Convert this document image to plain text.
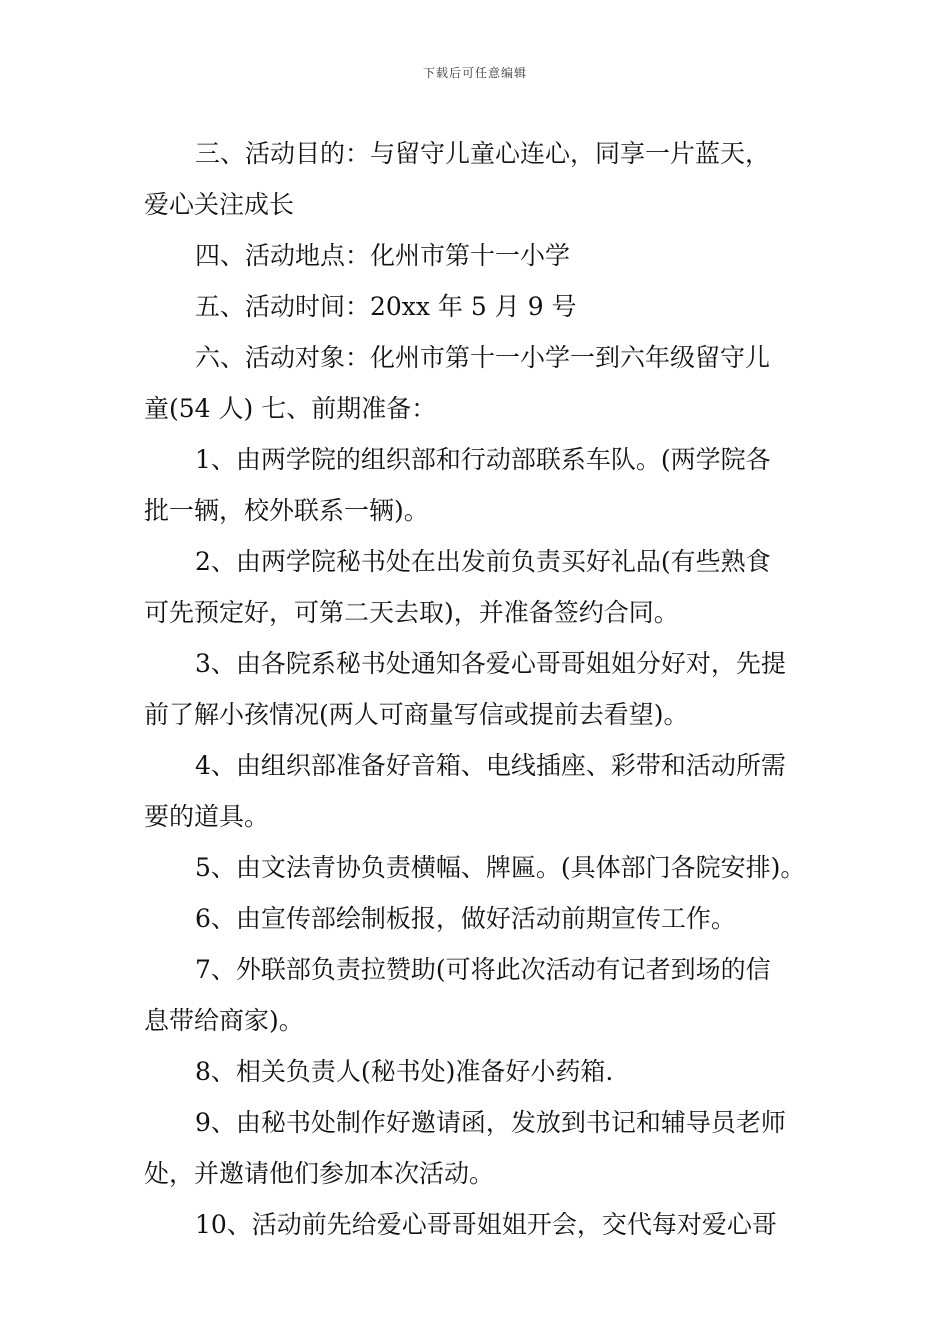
下载后可任意编辑
三、活动目的：与留守儿童心连心，同享一片蓝天，
爱心关注成长
四、活动地点：化州市第十一小学
五、活动时间：20xx 年 5 月 9 号
六、活动对象：化州市第十一小学一到六年级留守儿
童(54 人) 七、前期准备：
1、由两学院的组织部和行动部联系车队。(两学院各
批一辆，校外联系一辆)。
2、由两学院秘书处在出发前负责买好礼品(有些熟食
可先预定好，可第二天去取)，并准备签约合同。
3、由各院系秘书处通知各爱心哥哥姐姐分好对，先提
前了解小孩情况(两人可商量写信或提前去看望)。
4、由组织部准备好音箱、电线插座、彩带和活动所需
要的道具。
5、由文法青协负责横幅、牌匾。(具体部门各院安排)。
6、由宣传部绘制板报，做好活动前期宣传工作。
7、外联部负责拉赞助(可将此次活动有记者到场的信
息带给商家)。
8、相关负责人(秘书处)准备好小药箱.
9、由秘书处制作好邀请函，发放到书记和辅导员老师
处，并邀请他们参加本次活动。
10、活动前先给爱心哥哥姐姐开会，交代每对爱心哥
